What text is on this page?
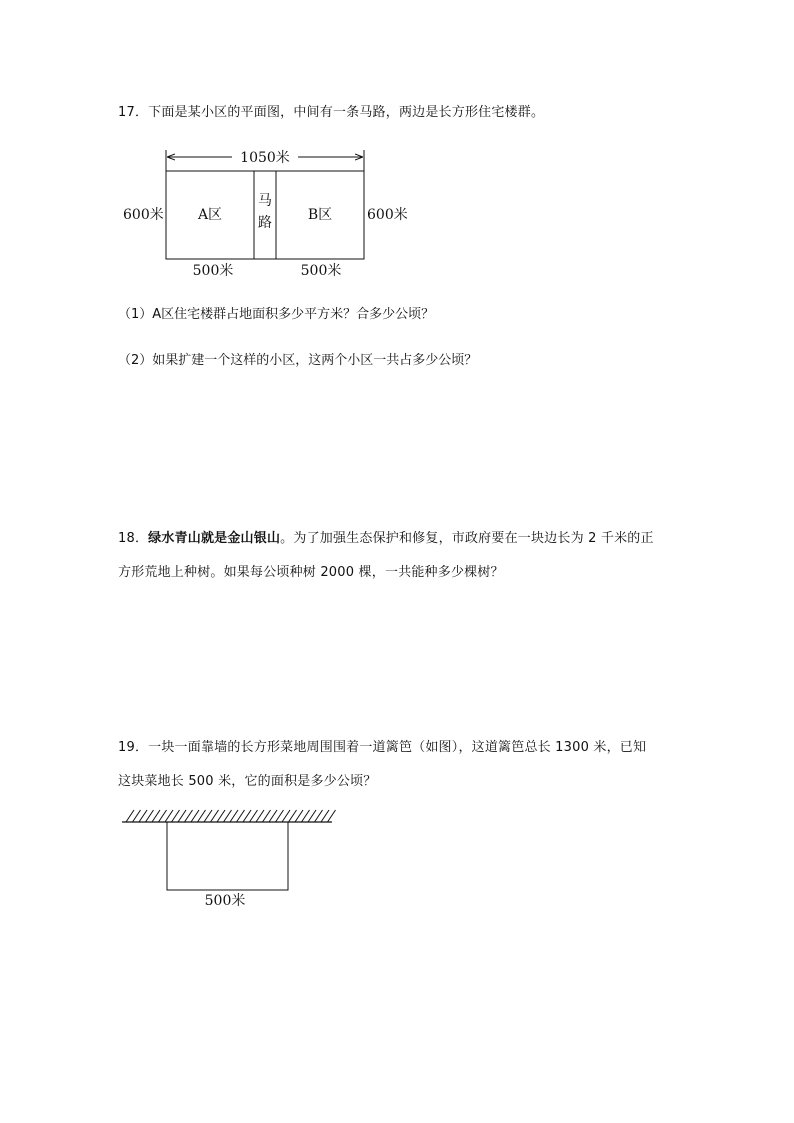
17．下面是某小区的平面图，中间有一条马路，两边是长方形住宅楼群。
1050米
600米	600米
A区
马
路	B区
500米	500米
（1）A区住宅楼群占地面积多少平方米？合多少公顷？
（2）如果扩建一个这样的小区，这两个小区一共占多少公顷？
18．绿水青山就是金山银山。为了加强生态保护和修复，市政府要在一块边长为 2 千米的正
方形荒地上种树。如果每公顷种树 2000 棵，一共能种多少棵树？
19．一块一面靠墙的长方形菜地周围围着一道篱笆（如图），这道篱笆总长 1300 米，已知
这块菜地长 500 米，它的面积是多少公顷？
500米
